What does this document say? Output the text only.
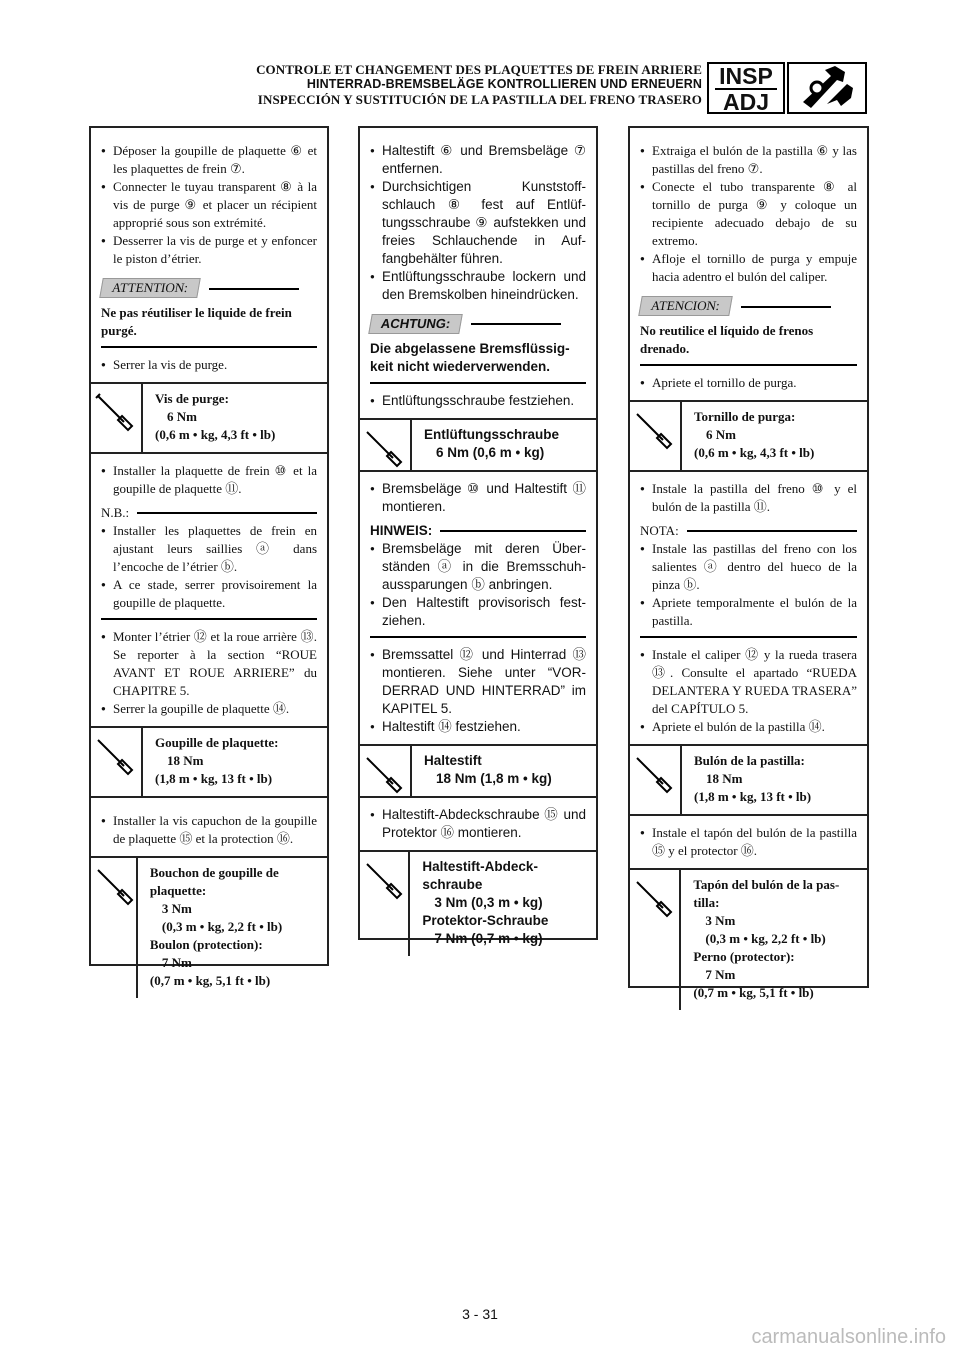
CONTROLE ET CHANGEMENT DES PLAQUETTES DE FREIN ARRIERE
HINTERRAD-BREMSBELÄGE KONTROLLIEREN UND ERNEUERN
INSPECCIÓN Y SUSTITUCIÓN DE LA PASTILLA DEL FRENO TRASERO
INSP
ADJ
● Déposer la goupille de plaquette ⑥ et les plaquettes de frein ⑦.
● Connecter le tuyau transparent ⑧ à la vis de purge ⑨ et placer un récipient approprié sous son extrémité.
● Desserrer la vis de purge et y enfoncer le piston d’étrier.
ATTENTION:
Ne pas réutiliser le liquide de frein purgé.
● Serrer la vis de purge.
Vis de purge:
6 Nm
(0,6 m • kg, 4,3 ft • lb)
● Installer la plaquette de frein ⑩ et la goupille de plaquette ⑪.
N.B.:
● Installer les plaquettes de frein en ajustant leurs saillies ⓐ dans l’encoche de l’étrier ⓑ.
● A ce stade, serrer provisoirement la goupille de plaquette.
● Monter l’étrier ⑫ et la roue arrière ⑬. Se reporter à la section “ROUE AVANT ET ROUE ARRIERE” du CHAPITRE 5.
● Serrer la goupille de plaquette ⑭.
Goupille de plaquette:
18 Nm
(1,8 m • kg, 13 ft • lb)
● Installer la vis capuchon de la goupille de plaquette ⑮ et la protection ⑯.
Bouchon de goupille de plaquette:
3 Nm
(0,3 m • kg, 2,2 ft • lb)
Boulon (protection):
7 Nm
(0,7 m • kg, 5,1 ft • lb)
● Haltestift ⑥ und Bremsbeläge ⑦ entfernen.
● Durchsichtigen Kunststoffschlauch ⑧ fest auf Entlüftungsschraube ⑨ aufstekken und freies Schlauchende in Auffangbehälter führen.
● Entlüftungsschraube lockern und den Bremskolben hineindrücken.
ACHTUNG:
Die abgelassene Bremsflüssigkeit nicht wiederverwenden.
● Entlüftungsschraube festziehen.
Entlüftungsschraube
6 Nm (0,6 m • kg)
● Bremsbeläge ⑩ und Haltestift ⑪ montieren.
HINWEIS:
● Bremsbeläge mit deren Überständen ⓐ in die Bremsschuhaussparungen ⓑ anbringen.
● Den Haltestift provisorisch festziehen.
● Bremssattel ⑫ und Hinterrad ⑬ montieren. Siehe unter “VORDERRAD UND HINTERRAD” im KAPITEL 5.
● Haltestift ⑭ festziehen.
Haltestift
18 Nm (1,8 m • kg)
● Haltestift-Abdeckschraube ⑮ und Protektor ⑯ montieren.
Haltestift-Abdeckschraube
3 Nm (0,3 m • kg)
Protektor-Schraube
7 Nm (0,7 m • kg)
● Extraiga el bulón de la pastilla ⑥ y las pastillas del freno ⑦.
● Conecte el tubo transparente ⑧ al tornillo de purga ⑨ y coloque un recipiente adecuado debajo de su extremo.
● Afloje el tornillo de purga y empuje hacia adentro el bulón del caliper.
ATENCION:
No reutilice el líquido de frenos drenado.
● Apriete el tornillo de purga.
Tornillo de purga:
6 Nm
(0,6 m • kg, 4,3 ft • lb)
● Instale la pastilla del freno ⑩ y el bulón de la pastilla ⑪.
NOTA:
● Instale las pastillas del freno con los salientes ⓐ dentro del hueco de la pinza ⓑ.
● Apriete temporalmente el bulón de la pastilla.
● Instale el caliper ⑫ y la rueda trasera ⑬. Consulte el apartado “RUEDA DELANTERA Y RUEDA TRASERA” del CAPÍTULO 5.
● Apriete el bulón de la pastilla ⑭.
Bulón de la pastilla:
18 Nm
(1,8 m • kg, 13 ft • lb)
● Instale el tapón del bulón de la pastilla ⑮ y el protector ⑯.
Tapón del bulón de la pastilla:
3 Nm
(0,3 m • kg, 2,2 ft • lb)
Perno (protector):
7 Nm
(0,7 m • kg, 5,1 ft • lb)
3 - 31
carmanualsonline.info
